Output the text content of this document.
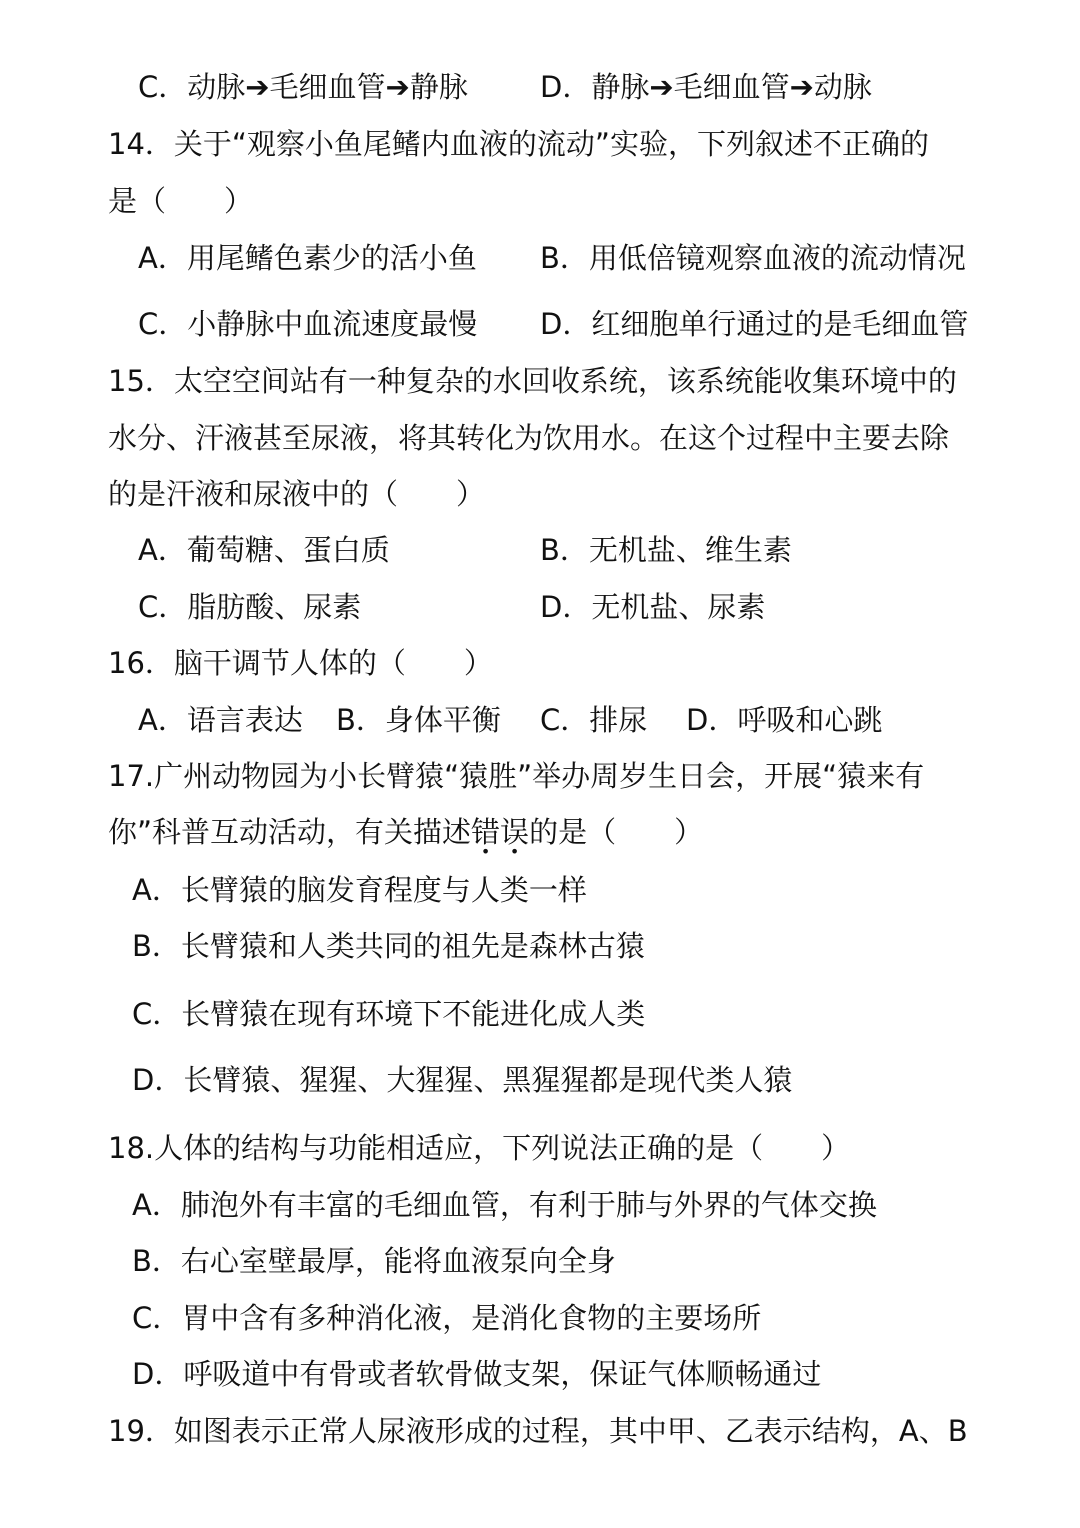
C．动脉➔毛细血管➔静脉 D．静脉➔毛细血管➔动脉
14．关于“观察小鱼尾鳍内血液的流动”实验，下列叙述不正确的
是（　　）
A．用尾鳍色素少的活小鱼 B．用低倍镜观察血液的流动情况
C．小静脉中血流速度最慢 D．红细胞单行通过的是毛细血管
15．太空空间站有一种复杂的水回收系统，该系统能收集环境中的
水分、汗液甚至尿液，将其转化为饮用水。在这个过程中主要去除
的是汗液和尿液中的（　　）
A．葡萄糖、蛋白质	B．无机盐、维生素
C．脂肪酸、尿素	D．无机盐、尿素
16．脑干调节人体的（　　）
A．语言表达 B．身体平衡 C．排尿 D．呼吸和心跳
17.广州动物园为小长臂猿“猿胜”举办周岁生日会，开展“猿来有
你”科普互动活动，有关描述错误的是（　　）
A．长臂猿的脑发育程度与人类一样
B．长臂猿和人类共同的祖先是森林古猿
C．长臂猿在现有环境下不能进化成人类
D．长臂猿、猩猩、大猩猩、黑猩猩都是现代类人猿
18.人体的结构与功能相适应，下列说法正确的是（　　）
A．肺泡外有丰富的毛细血管，有利于肺与外界的气体交换
B．右心室壁最厚，能将血液泵向全身
C．胃中含有多种消化液，是消化食物的主要场所
D．呼吸道中有骨或者软骨做支架，保证气体顺畅通过
19．如图表示正常人尿液形成的过程，其中甲、乙表示结构，A、B
